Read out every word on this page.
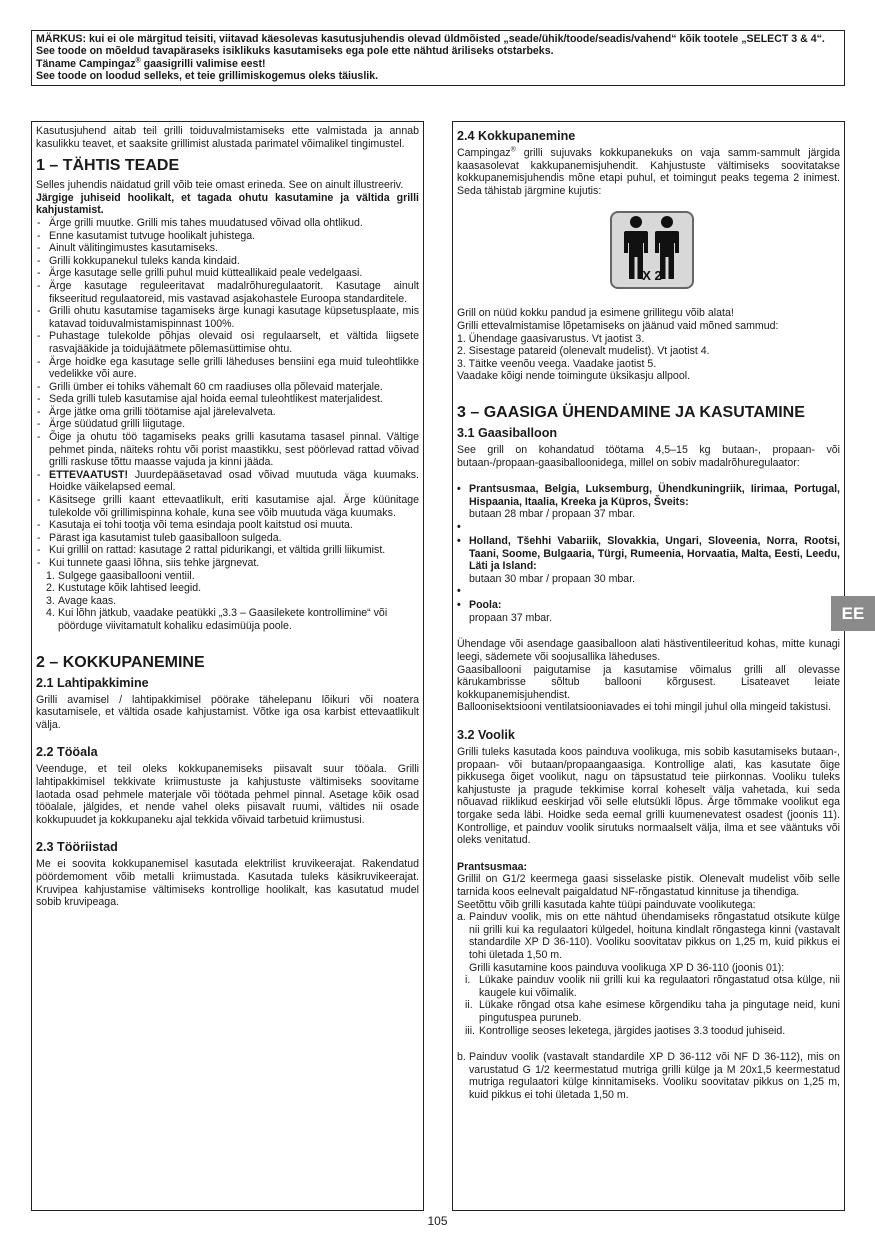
MÄRKUS: kui ei ole märgitud teisiti, viitavad käesolevas kasutusjuhendis olevad üldmõisted „seade/ühik/toode/seadis/vahend“ kõik tootele „SELECT 3 & 4“.

See toode on mõeldud tavapäraseks isiklikuks kasutamiseks ega pole ette nähtud äriliseks otstarbeks.

Täname Campingaz® gaasigrilli valimise eest!

See toode on loodud selleks, et teie grillimiskogemus oleks täiuslik.

Kasutusjuhend aitab teil grilli toiduvalmistamiseks ette valmistada ja annab kasulikku teavet, et saaksite grillimist alustada parimatel võimalikel tingimustel.

1 – TÄHTIS TEADE

Selles juhendis näidatud grill võib teie omast erineda. See on ainult illustreeriv.

Järgige juhiseid hoolikalt, et tagada ohutu kasutamine ja vältida grilli kahjustamist.

- Ärge grilli muutke. Grilli mis tahes muudatused võivad olla ohtlikud.
- Enne kasutamist tutvuge hoolikalt juhistega.
- Ainult välitingimustes kasutamiseks.
- Grilli kokkupanekul tuleks kanda kindaid.
- Ärge kasutage selle grilli puhul muid kütteallikaid peale vedelgaasi.
- Ärge kasutage reguleeritavat madalrõhuregulaatorit. Kasutage ainult fikseeritud regulaatoreid, mis vastavad asjakohastele Euroopa standarditele.
- Grilli ohutu kasutamise tagamiseks ärge kunagi kasutage küpsetusplaate, mis katavad toiduvalmistamispinnast 100%.
- Puhastage tulekolde põhjas olevaid osi regulaarselt, et vältida liigsete rasvajääkide ja toidujäätmete põlemasüttimise ohtu.
- Ärge hoidke ega kasutage selle grilli läheduses bensiini ega muid tuleohtlikke vedelikke või aure.
- Grilli ümber ei tohiks vähemalt 60 cm raadiuses olla põlevaid materjale.
- Seda grilli tuleb kasutamise ajal hoida eemal tuleohtlikest materjalidest.
- Ärge jätke oma grilli töötamise ajal järelevalveta.
- Ärge süüdatud grilli liigutage.
- Õige ja ohutu töö tagamiseks peaks grilli kasutama tasasel pinnal. Vältige pehmet pinda, näiteks rohtu või porist maastikku, sest pöörlevad rattad võivad grilli raskuse tõttu maasse vajuda ja kinni jääda.
- ETTEVAATUST! Juurdepääsetavad osad võivad muutuda väga kuumaks. Hoidke väikelapsed eemal.
- Käsitsege grilli kaant ettevaatlikult, eriti kasutamise ajal. Ärge küünitage tulekolde või grillimispinna kohale, kuna see võib muutuda väga kuumaks.
- Kasutaja ei tohi tootja või tema esindaja poolt kaitstud osi muuta.
- Pärast iga kasutamist tuleb gaasiballoon sulgeda.
- Kui grillil on rattad: kasutage 2 rattal pidurikangi, et vältida grilli liikumist.
- Kui tunnete gaasi lõhna, siis tehke järgnevat.
1. Sulgege gaasiballooni ventiil.
2. Kustutage kõik lahtised leegid.
3. Avage kaas.
4. Kui lõhn jätkub, vaadake peatükki „3.3 – Gaasilekete kontrollimine“ või pöörduge viivitamatult kohaliku edasimüüja poole.
2 – KOKKUPANEMINE
2.1 Lahtipakkimine

Grilli avamisel / lahtipakkimisel pöörake tähelepanu lõikuri või noatera kasutamisele, et vältida osade kahjustamist. Võtke iga osa karbist ettevaatlikult välja.

2.2 Tööala

Veenduge, et teil oleks kokkupanemiseks piisavalt suur tööala. Grilli lahtipakkimisel tekkivate kriimustuste ja kahjustuste vältimiseks soovitame laotada osad pehmele materjale või töötada pehmel pinnal. Asetage kõik osad tööalale, jälgides, et nende vahel oleks piisavalt ruumi, vältides nii osade kokkupuudet ja kokkupaneku ajal tekkida võivaid tarbetuid kriimustusi.

2.3 Tööriistad

Me ei soovita kokkupanemisel kasutada elektrilist kruvikeerajat. Rakendatud pöördemoment võib metalli kriimustada. Kasutada tuleks käsikruvikeerajat. Kruvipea kahjustamise vältimiseks kontrollige hoolikalt, kas kasutatud mudel sobib kruvipeaga.

2.4 Kokkupanemine

Campingaz® grilli sujuvaks kokkupanekuks on vaja samm-sammult järgida kaasasolevat kakkupanemisjuhendit. Kahjustuste vältimiseks soovitatakse kokkupanemisjuhendis mõne etapi puhul, et toimingut peaks tegema 2 inimest. Seda tähistab järgmine kujutis:

X 2

Grill on nüüd kokku pandud ja esimene grillitegu võib alata!

Grilli ettevalmistamise lõpetamiseks on jäänud vaid mõned sammud:

1. Ühendage gaasivarustus. Vt jaotist 3.

2. Sisestage patareid (olenevalt mudelist). Vt jaotist 4.

3. Täitke veenõu veega. Vaadake jaotist 5.

Vaadake kõigi nende toimingute üksikasju allpool.

3 – GAASIGA ÜHENDAMINE JA KASUTAMINE
3.1 Gaasiballoon

See grill on kohandatud töötama 4,5–15 kg butaan-, propaan- või butaan-/propaan-gaasiballoonidega, millel on sobiv madalrõhuregulaator:

• Prantsusmaa, Belgia, Luksemburg, Ühendkuningriik, Iirimaa, Portugal, Hispaania, Itaalia, Kreeka ja Küpros, Šveits:
butaan 28 mbar / propaan 37 mbar.
•
• Holland, Tšehhi Vabariik, Slovakkia, Ungari, Sloveenia, Norra, Rootsi, Taani, Soome, Bulgaaria, Türgi, Rumeenia, Horvaatia, Malta, Eesti, Leedu, Läti ja Island:
butaan 30 mbar / propaan 30 mbar.
•
• Poola:
propaan 37 mbar.

Ühendage või asendage gaasiballoon alati hästiventileeritud kohas, mitte kunagi leegi, sädemete või soojusallika läheduses.

Gaasiballooni paigutamise ja kasutamise võimalus grilli all olevasse kärukambrisse sõltub ballooni kõrgusest. Lisateavet leiate kokkupanemisjuhendist.

Balloonisektsiooni ventilatsiooniavades ei tohi mingil juhul olla mingeid takistusi.

3.2 Voolik

Grilli tuleks kasutada koos painduva voolikuga, mis sobib kasutamiseks butaan-, propaan- või butaan/propaangaasiga. Kontrollige alati, kas kasutate õige pikkusega õiget voolikut, nagu on täpsustatud teie piirkonnas. Vooliku tuleks kahjustuste ja pragude tekkimise korral koheselt välja vahetada, kui seda nõuavad riiklikud eeskirjad või selle elutsükli lõpus. Ärge tõmmake voolikut ega torgake seda läbi. Hoidke seda eemal grilli kuumenevatest osadest (joonis 11). Kontrollige, et painduv voolik sirutuks normaalselt välja, ilma et see vääntuks või oleks venitatud.

Prantsusmaa:

Grillil on G1/2 keermega gaasi sisselaske pistik. Olenevalt mudelist võib selle tarnida koos eelnevalt paigaldatud NF-rõngastatud kinnituse ja tihendiga.

Seetõttu võib grilli kasutada kahte tüüpi painduvate voolikutega:

a. Painduv voolik, mis on ette nähtud ühendamiseks rõngastatud otsikute külge nii grilli kui ka regulaatori külgedel, hoituna kindlalt rõngastega kinni (vastavalt standardile XP D 36-110). Vooliku soovitatav pikkus on 1,25 m, kuid pikkus ei tohi ületada 1,50 m.
Grilli kasutamine koos painduva voolikuga XP D 36-110 (joonis 01):
i. Lükake painduv voolik nii grilli kui ka regulaatori rõngastatud otsa külge, nii kaugele kui võimalik.
ii. Lükake rõngad otsa kahe esimese kõrgendiku taha ja pingutage neid, kuni pingutuspea puruneb.
iii. Kontrollige seoses leketega, järgides jaotises 3.3 toodud juhiseid.
b. Painduv voolik (vastavalt standardile XP D 36-112 või NF D 36-112), mis on varustatud G 1/2 keermestatud mutriga grilli külge ja M 20x1,5 keermestatud mutriga regulaatori külge kinnitamiseks. Vooliku soovitatav pikkus on 1,25 m, kuid pikkus ei tohi ületada 1,50 m.
EE
105
